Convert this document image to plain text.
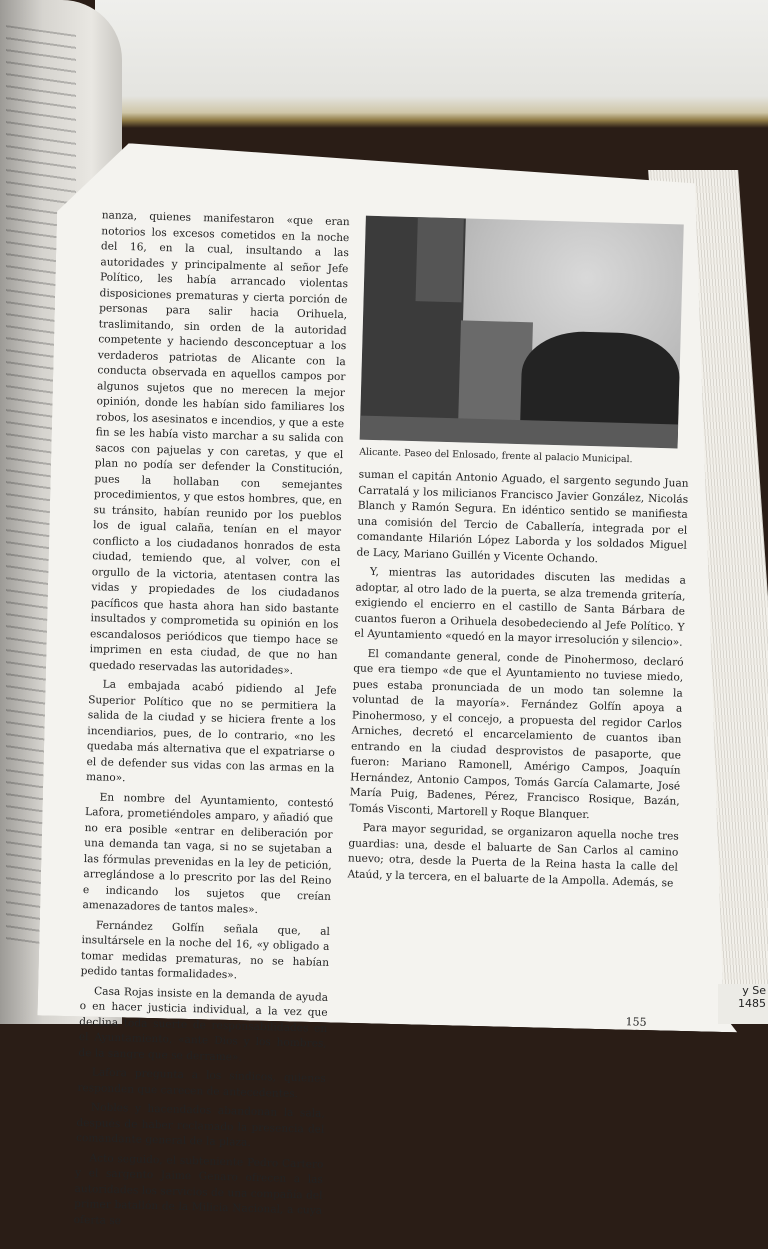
nanza, quienes manifestaron «que eran notorios los excesos cometidos en la noche del 16, en la cual, insultando a las autoridades y principalmente al señor Jefe Político, les había arrancado violentas disposiciones prematuras y cierta porción de personas para salir hacia Orihuela, traslimitando, sin orden de la autoridad competente y haciendo desconceptuar a los verdaderos patriotas de Alicante con la conducta observada en aquellos campos por algunos sujetos que no merecen la mejor opinión, donde les habían sido familiares los robos, los asesinatos e incendios, y que a este fin se les había visto marchar a su salida con sacos con pajuelas y con caretas, y que el plan no podía ser defender la Constitución, pues la hollaban con semejantes procedimientos, y que estos hombres, que, en su tránsito, habían reunido por los pueblos los de igual calaña, tenían en el mayor conflicto a los ciudadanos honrados de esta ciudad, temiendo que, al volver, con el orgullo de la victoria, atentasen contra las vidas y propiedades de los ciudadanos pacíficos que hasta ahora han sido bastante insultados y comprometida su opinión en los escandalosos periódicos que tiempo hace se imprimen en esta ciudad, de que no han quedado reservadas las autoridades».

La embajada acabó pidiendo al Jefe Superior Político que no se permitiera la salida de la ciudad y se hiciera frente a los incendiarios, pues, de lo contrario, «no les quedaba más alternativa que el expatriarse o el de defender sus vidas con las armas en la mano».

En nombre del Ayuntamiento, contestó Laforа, prometiéndoles amparo, y añadió que no era posible «entrar en deliberación por una demanda tan vaga, si no se sujetaban a las fórmulas prevenidas en la ley de petición, arreglándose a lo prescrito por las del Reino e indicando los sujetos que creían amenazadores de tantos males».

Fernández Golfín señala que, al insultársele en la noche del 16, «y obligado a tomar medidas prematuras, no se habían pedido tantas formalidades».

Casa Rojas insiste en la demanda de ayuda o en hacer justicia individual, a la vez que declina toda suerte de responsabilidades en el Ayuntamiento, «ante Dios y los hombres, de la sangre que se derrame».

Lafora pregunta a los síndicos, quienes responden que carecen de antecedentes.

Nobles y hacendados abandonan la sala, después de haber reclamado la presencia del comandante general de la plaza.

Acto seguido, el subteniente Pedro Cartero y el sargento Jaime Genaro ofrecen a las autoridades los servicios de una compañía del primer batallón de la Milicia Nacional, a cuya oferta se

Alicante. Paseo del Enlosado, frente al palacio Municipal.

suman el capitán Antonio Aguado, el sargento segundo Juan Carratalá y los milicianos Francisco Javier González, Nicolás Blanch y Ramón Segura. En idéntico sentido se manifiesta una comisión del Tercio de Caballería, integrada por el comandante Hilarión López Laborda y los soldados Miguel de Lacy, Mariano Guillén y Vicente Ochando.

Y, mientras las autoridades discuten las medidas a adoptar, al otro lado de la puerta, se alza tremenda gritería, exigiendo el encierro en el castillo de Santa Bárbara de cuantos fueron a Orihuela desobedeciendo al Jefe Político. Y el Ayuntamiento «quedó en la mayor irresolución y silencio».

El comandante general, conde de Pinohermoso, declaró que era tiempo «de que el Ayuntamiento no tuviese miedo, pues estaba pronunciada de un modo tan solemne la voluntad de la mayoría». Fernández Golfín apoya a Pinohermoso, y el concejo, a propuesta del regidor Carlos Arniches, decretó el encarcelamiento de cuantos iban entrando en la ciudad desprovistos de pasaporte, que fueron: Mariano Ramonell, Amérigo Campos, Joaquín Hernández, Antonio Campos, Tomás García Calamarte, José María Puig, Badenes, Pérez, Francisco Rosique, Bazán, Tomás Visconti, Martorell y Roque Blanquer.

Para mayor seguridad, se organizaron aquella noche tres guardias: una, desde el baluarte de San Carlos al camino nuevo; otra, desde la Puerta de la Reina hasta la calle del Ataúd, y la tercera, en el baluarte de la Ampolla. Además, se

155
y Se
1485
